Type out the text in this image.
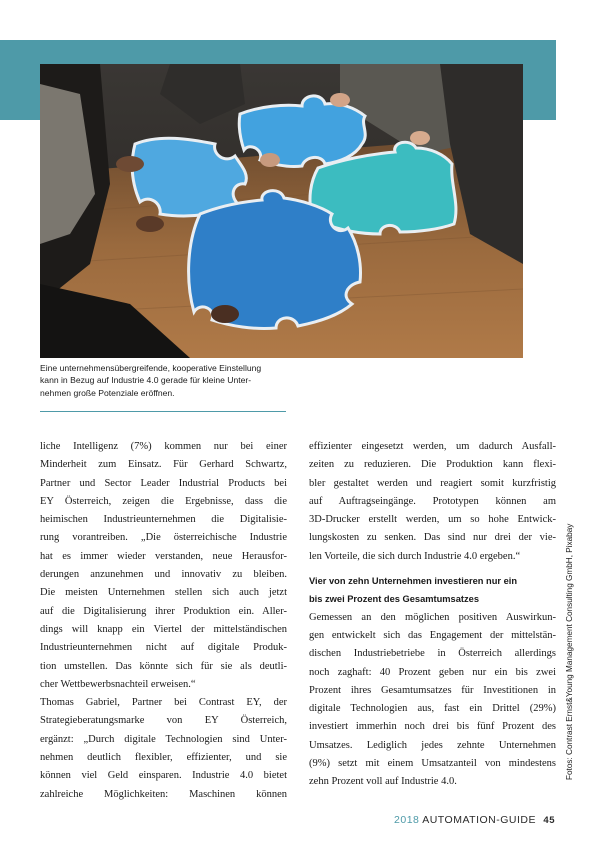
Eine unternehmensübergreifende, kooperative Einstellung
kann in Bezug auf Industrie 4.0 gerade für kleine Unter-
nehmen große Potenziale eröffnen.
liche Intelligenz (7%) kommen nur bei einer
Minderheit zum Einsatz. Für Gerhard Schwartz,
Partner und Sector Leader Industrial Products bei
EY Österreich, zeigen die Ergebnisse, dass die
heimischen Industrieunternehmen die Digitalisie-
rung vorantreiben. „Die österreichische Industrie
hat es immer wieder verstanden, neue Herausfor-
derungen anzunehmen und innovativ zu bleiben.
Die meisten Unternehmen stellen sich auch jetzt
auf die Digitalisierung ihrer Produktion ein. Aller-
dings will knapp ein Viertel der mittelständischen
Industrieunternehmen nicht auf digitale Produk-
tion umstellen. Das könnte sich für sie als deutli-
cher Wettbewerbsnachteil erweisen.“
Thomas Gabriel, Partner bei Contrast EY, der
Strategieberatungsmarke von EY Österreich,
ergänzt: „Durch digitale Technologien sind Unter-
nehmen deutlich flexibler, effizienter, und sie
können viel Geld einsparen. Industrie 4.0 bietet
zahlreiche Möglichkeiten: Maschinen können
effizienter eingesetzt werden, um dadurch Ausfall-
zeiten zu reduzieren. Die Produktion kann flexi-
bler gestaltet werden und reagiert somit kurzfristig
auf Auftragseingänge. Prototypen können am
3D-Drucker erstellt werden, um so hohe Entwick-
lungskosten zu senken. Das sind nur drei der vie-
len Vorteile, die sich durch Industrie 4.0 ergeben.“
Vier von zehn Unternehmen investieren nur ein
bis zwei Prozent des Gesamtumsatzes
Gemessen an den möglichen positiven Auswirkun-
gen entwickelt sich das Engagement der mittelstän-
dischen Industriebetriebe in Österreich allerdings
noch zaghaft: 40 Prozent geben nur ein bis zwei
Prozent ihres Gesamtumsatzes für Investitionen in
digitale Technologien aus, fast ein Drittel (29%)
investiert immerhin noch drei bis fünf Prozent des
Umsatzes. Lediglich jedes zehnte Unternehmen
(9%) setzt mit einem Umsatzanteil von mindestens
zehn Prozent voll auf Industrie 4.0.
Fotos: Contrast Ernst&Young Management Consulting GmbH, Pixabay
2018 AUTOMATION-GUIDE 45
